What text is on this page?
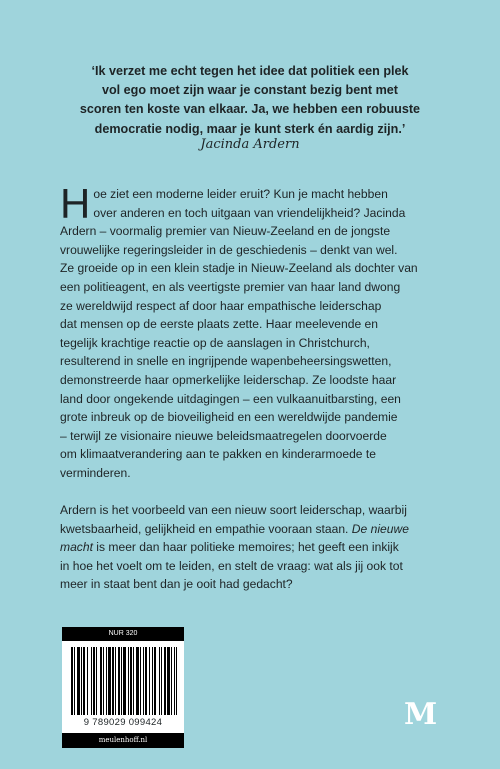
‘Ik verzet me echt tegen het idee dat politiek een plek
vol ego moet zijn waar je constant bezig bent met
scoren ten koste van elkaar. Ja, we hebben een robuuste
democratie nodig, maar je kunt sterk én aardig zijn.’
Jacinda Ardern

H oe ziet een moderne leider eruit? Kun je macht hebben
over anderen en toch uitgaan van vriendelijkheid? Jacinda
Ardern – voormalig premier van Nieuw-Zeeland en de jongste
vrouwelijke regeringsleider in de geschiedenis – denkt van wel.
Ze groeide op in een klein stadje in Nieuw-Zeeland als dochter van
een politieagent, en als veertigste premier van haar land dwong
ze wereldwijd respect af door haar empathische leiderschap
dat mensen op de eerste plaats zette. Haar meelevende en
tegelijk krachtige reactie op de aanslagen in Christchurch,
resulterend in snelle en ingrijpende wapenbeheersingswetten,
demonstreerde haar opmerkelijke leiderschap. Ze loodste haar
land door ongekende uitdagingen – een vulkaanuitbarsting, een
grote inbreuk op de bioveiligheid en een wereldwijde pandemie
– terwijl ze visionaire nieuwe beleidsmaatregelen doorvoerde
om klimaatverandering aan te pakken en kinderarmoede te
verminderen.

Ardern is het voorbeeld van een nieuw soort leiderschap, waarbij
kwetsbaarheid, gelijkheid en empathie vooraan staan. De nieuwe
macht is meer dan haar politieke memoires; het geeft een inkijk
in hoe het voelt om te leiden, en stelt de vraag: wat als jij ook tot
meer in staat bent dan je ooit had gedacht?

NUR 320
9 789029 099424
meulenhoff.nl
M
